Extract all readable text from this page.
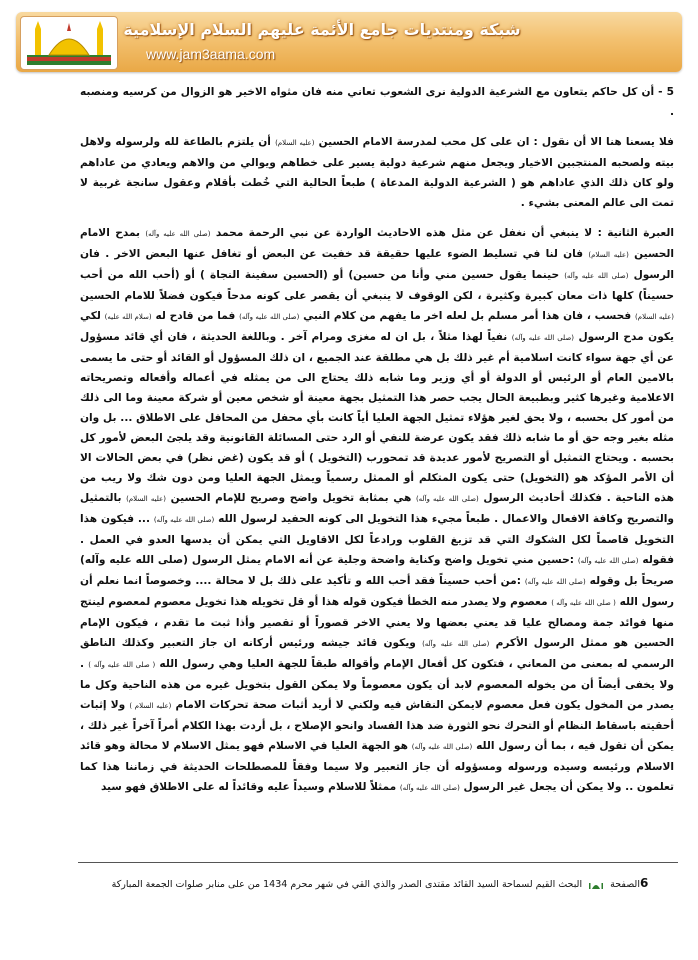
شبكة ومنتديات جامع الأئمة عليهم السلام الإسلامية
www.jam3aama.com

5 - أن كل حاكم يتعاون مع الشرعية الدولية نرى الشعوب تعاني منه فان مثواه الاخير هو الزوال من كرسيه ومنصبه .

فلا يسعنا هنا الا أن نقول : ان على كل محب لمدرسة الامام الحسين (عليه السلام) أن يلتزم بالطاعة لله ولرسوله ولاهل بيته ولصحبه المنتجبين الاخيار ويجعل منهم شرعية دولية يسير على خطاهم ويوالي من والاهم ويعادي من عاداهم ولو كان ذلك الذي عاداهم هو ( الشرعية الدولية المدعاة ) طبعاً الحالية التي خُطت بأقلام وعقول سانجة غربية لا تمت الى عالم المعنى بشيء .

العبرة الثانية : لا ينبغي أن نغفل عن مثل هذه الاحاديث الواردة عن نبي الرحمة محمد (صلى الله عليه وآله) بمدح الامام الحسين (عليه السلام) فان لنا في تسليط الضوء عليها حقيقة قد خفيت عن البعض أو تغافل عنها البعض الاخر . فان الرسول (صلى الله عليه وآله) حينما يقول حسين مني وأنا من حسين) أو (الحسين سفينة النجاة ) أو (أحب الله من أحب حسيناً) كلها ذات معان كبيرة وكثيرة ، لكن الوقوف لا ينبغي أن يقصر على كونه مدحاً فيكون فضلاً للامام الحسين (عليه السلام) فحسب ، فان هذا أمر مسلم بل لعله اخر ما يفهم من كلام النبي (صلى الله عليه وآله) فما من قادح له (سلام الله عليه) لكي يكون مدح الرسول (صلى الله عليه وآله) نفياً لهذا مثلاً ، بل ان له مغزى ومرام آخر . وباللغة الحديثة ، فان أي قائد مسؤول عن أي جهة سواء كانت اسلامية أم غير ذلك بل هي مطلقة عند الجميع ، ان ذلك المسؤول أو القائد أو حتى ما يسمى بالامين العام أو الرئيس أو الدولة أو أي وزير وما شابه ذلك يحتاج الى من يمثله في أعماله وأفعاله وتصريحاته الاعلامية وغيرها كثير وبطبيعة الحال يجب حصر هذا التمثيل بجهة معينة أو شخص معين أو شركة معينة وما الى ذلك من أمور كل بحسبه ، ولا يحق لغير هؤلاء تمثيل الجهة العليا أياً كانت بأي محفل من المحافل على الاطلاق ... بل وان مثله بغير وجه حق أو ما شابه ذلك فقد يكون عرضة للنفي أو الرد حتى المسائلة القانونية وقد يلجئ البعض لأمور كل بحسبه . ويحتاج التمثيل أو التصريح لأمور عديدة قد تمحورب (التخويل ) أو قد يكون (غض نظر) في بعض الحالات الا أن الأمر المؤكد هو (التخويل) حتى يكون المتكلم أو الممثل رسمياً ويمثل الجهة العليا ومن دون شك ولا ريب من هذه الناحية . فكذلك أحاديث الرسول (صلى الله عليه وآله) هي بمثابة تخويل واضح وصريح للإمام الحسين (عليه السلام) بالتمثيل والتصريح وكافة الافعال والاعمال . طبعاً مجيء هذا التخويل الى كونه الحفيد لرسول الله (صلى الله عليه وآله) ... فيكون هذا التخويل قاصماً لكل الشكوك التي قد تزيغ القلوب ورادعاً لكل الاقاويل التي يمكن أن يدسها العدو في العمل . فقوله (صلى الله عليه وآله) :حسين مني تخويل واضح وكناية واضحة وجلية عن أنه الامام يمثل الرسول (صلى الله عليه وآله) صريحاً بل وقوله (صلى الله عليه وآله) :من أحب حسيناً فقد أحب الله و تأكيد على ذلك بل لا محالة .... وخصوصاً انما نعلم أن رسول الله ( صلى الله عليه وآله ) معصوم ولا يصدر منه الخطأ فيكون قوله هذا أو قل تخويله هذا تخويل معصوم لمعصوم لينتج منها فوائد جمة ومصالح عليا قد يعني بعضها ولا يعني الاخر قصوراً أو تقصير وأذا ثبت ما تقدم ، فيكون الإمام الحسين هو ممثل الرسول الأكرم (صلى الله عليه وآله) ويكون قائد جيشه ورئيس أركانه ان جاز التعبير وكذلك الناطق الرسمي له بمعنى من المعاني ، فتكون كل أفعال الإمام وأقواله طبقاً للجهة العليا وهي رسول الله ( صلى الله عليه وآله ) . ولا يخفى أيضاً أن من يخوله المعصوم لابد أن يكون معصوماً ولا يمكن القول بتخويل غيره من هذه الناحية وكل ما يصدر من المخول يكون فعل معصوم لايمكن النقاش فيه ولكني لا أريد أثبات صحة تحركات الامام (عليه السلام ) ولا إثبات أحقيته باسقاط النظام أو التحرك نحو الثورة ضد هذا الفساد وانحو الإصلاح ، بل أردت بهذا الكلام أمراً آخراً غير ذلك ، يمكن أن تقول فيه ، بما أن رسول الله (صلى الله عليه وآله) هو الجهة العليا في الاسلام فهو يمثل الاسلام لا محالة وهو قائد الاسلام ورئيسه وسيده ورسوله ومسؤوله أن جاز التعبير ولا سيما وفقاً للمصطلحات الحديثة في زماننا هذا كما تعلمون .. ولا يمكن أن يجعل غير الرسول (صلى الله عليه وآله) ممثلاً للاسلام وسيداً عليه وقائداً له على الاطلاق فهو سيد

6الصفحة  البحث القيم لسماحة السيد القائد مقتدى الصدر والذي القي في شهر محرم 1434 من على منابر صلوات الجمعة المباركة
